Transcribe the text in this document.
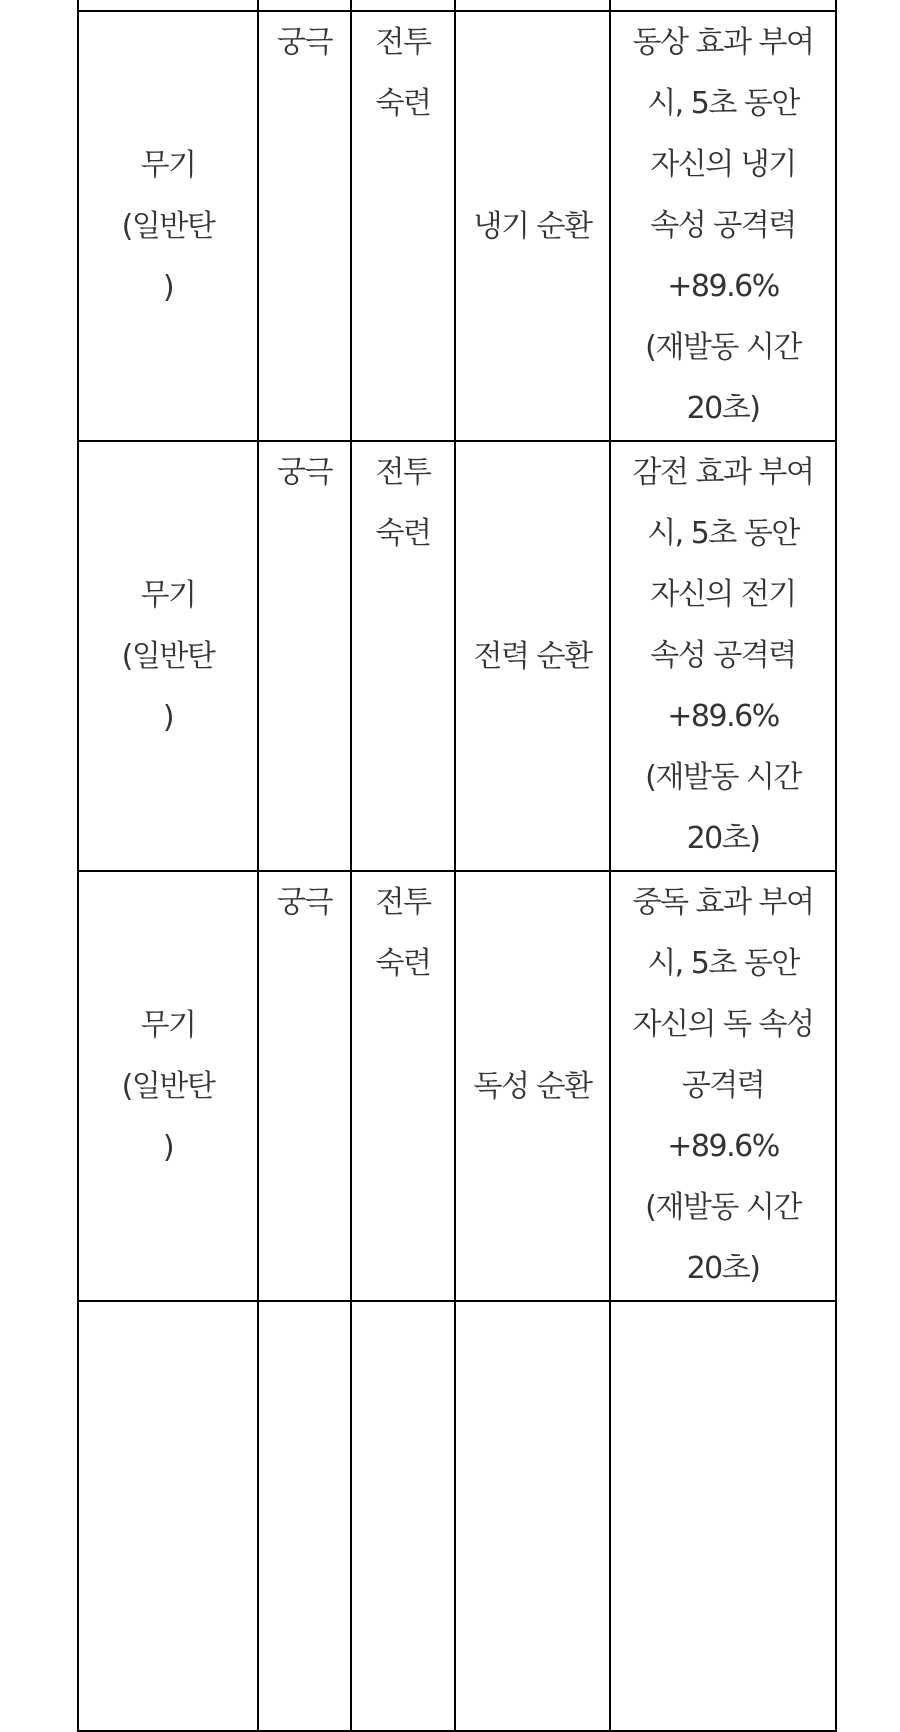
무기 (일반탄)	궁극	전투 숙련	냉기 순환	동상 효과 부여 시, 5초 동안 자신의 냉기 속성 공격력 +89.6% (재발동 시간 20초)
무기 (일반탄)	궁극	전투 숙련	전력 순환	감전 효과 부여 시, 5초 동안 자신의 전기 속성 공격력 +89.6% (재발동 시간 20초)
무기 (일반탄)	궁극	전투 숙련	독성 순환	중독 효과 부여 시, 5초 동안 자신의 독 속성 공격력 +89.6% (재발동 시간 20초)
